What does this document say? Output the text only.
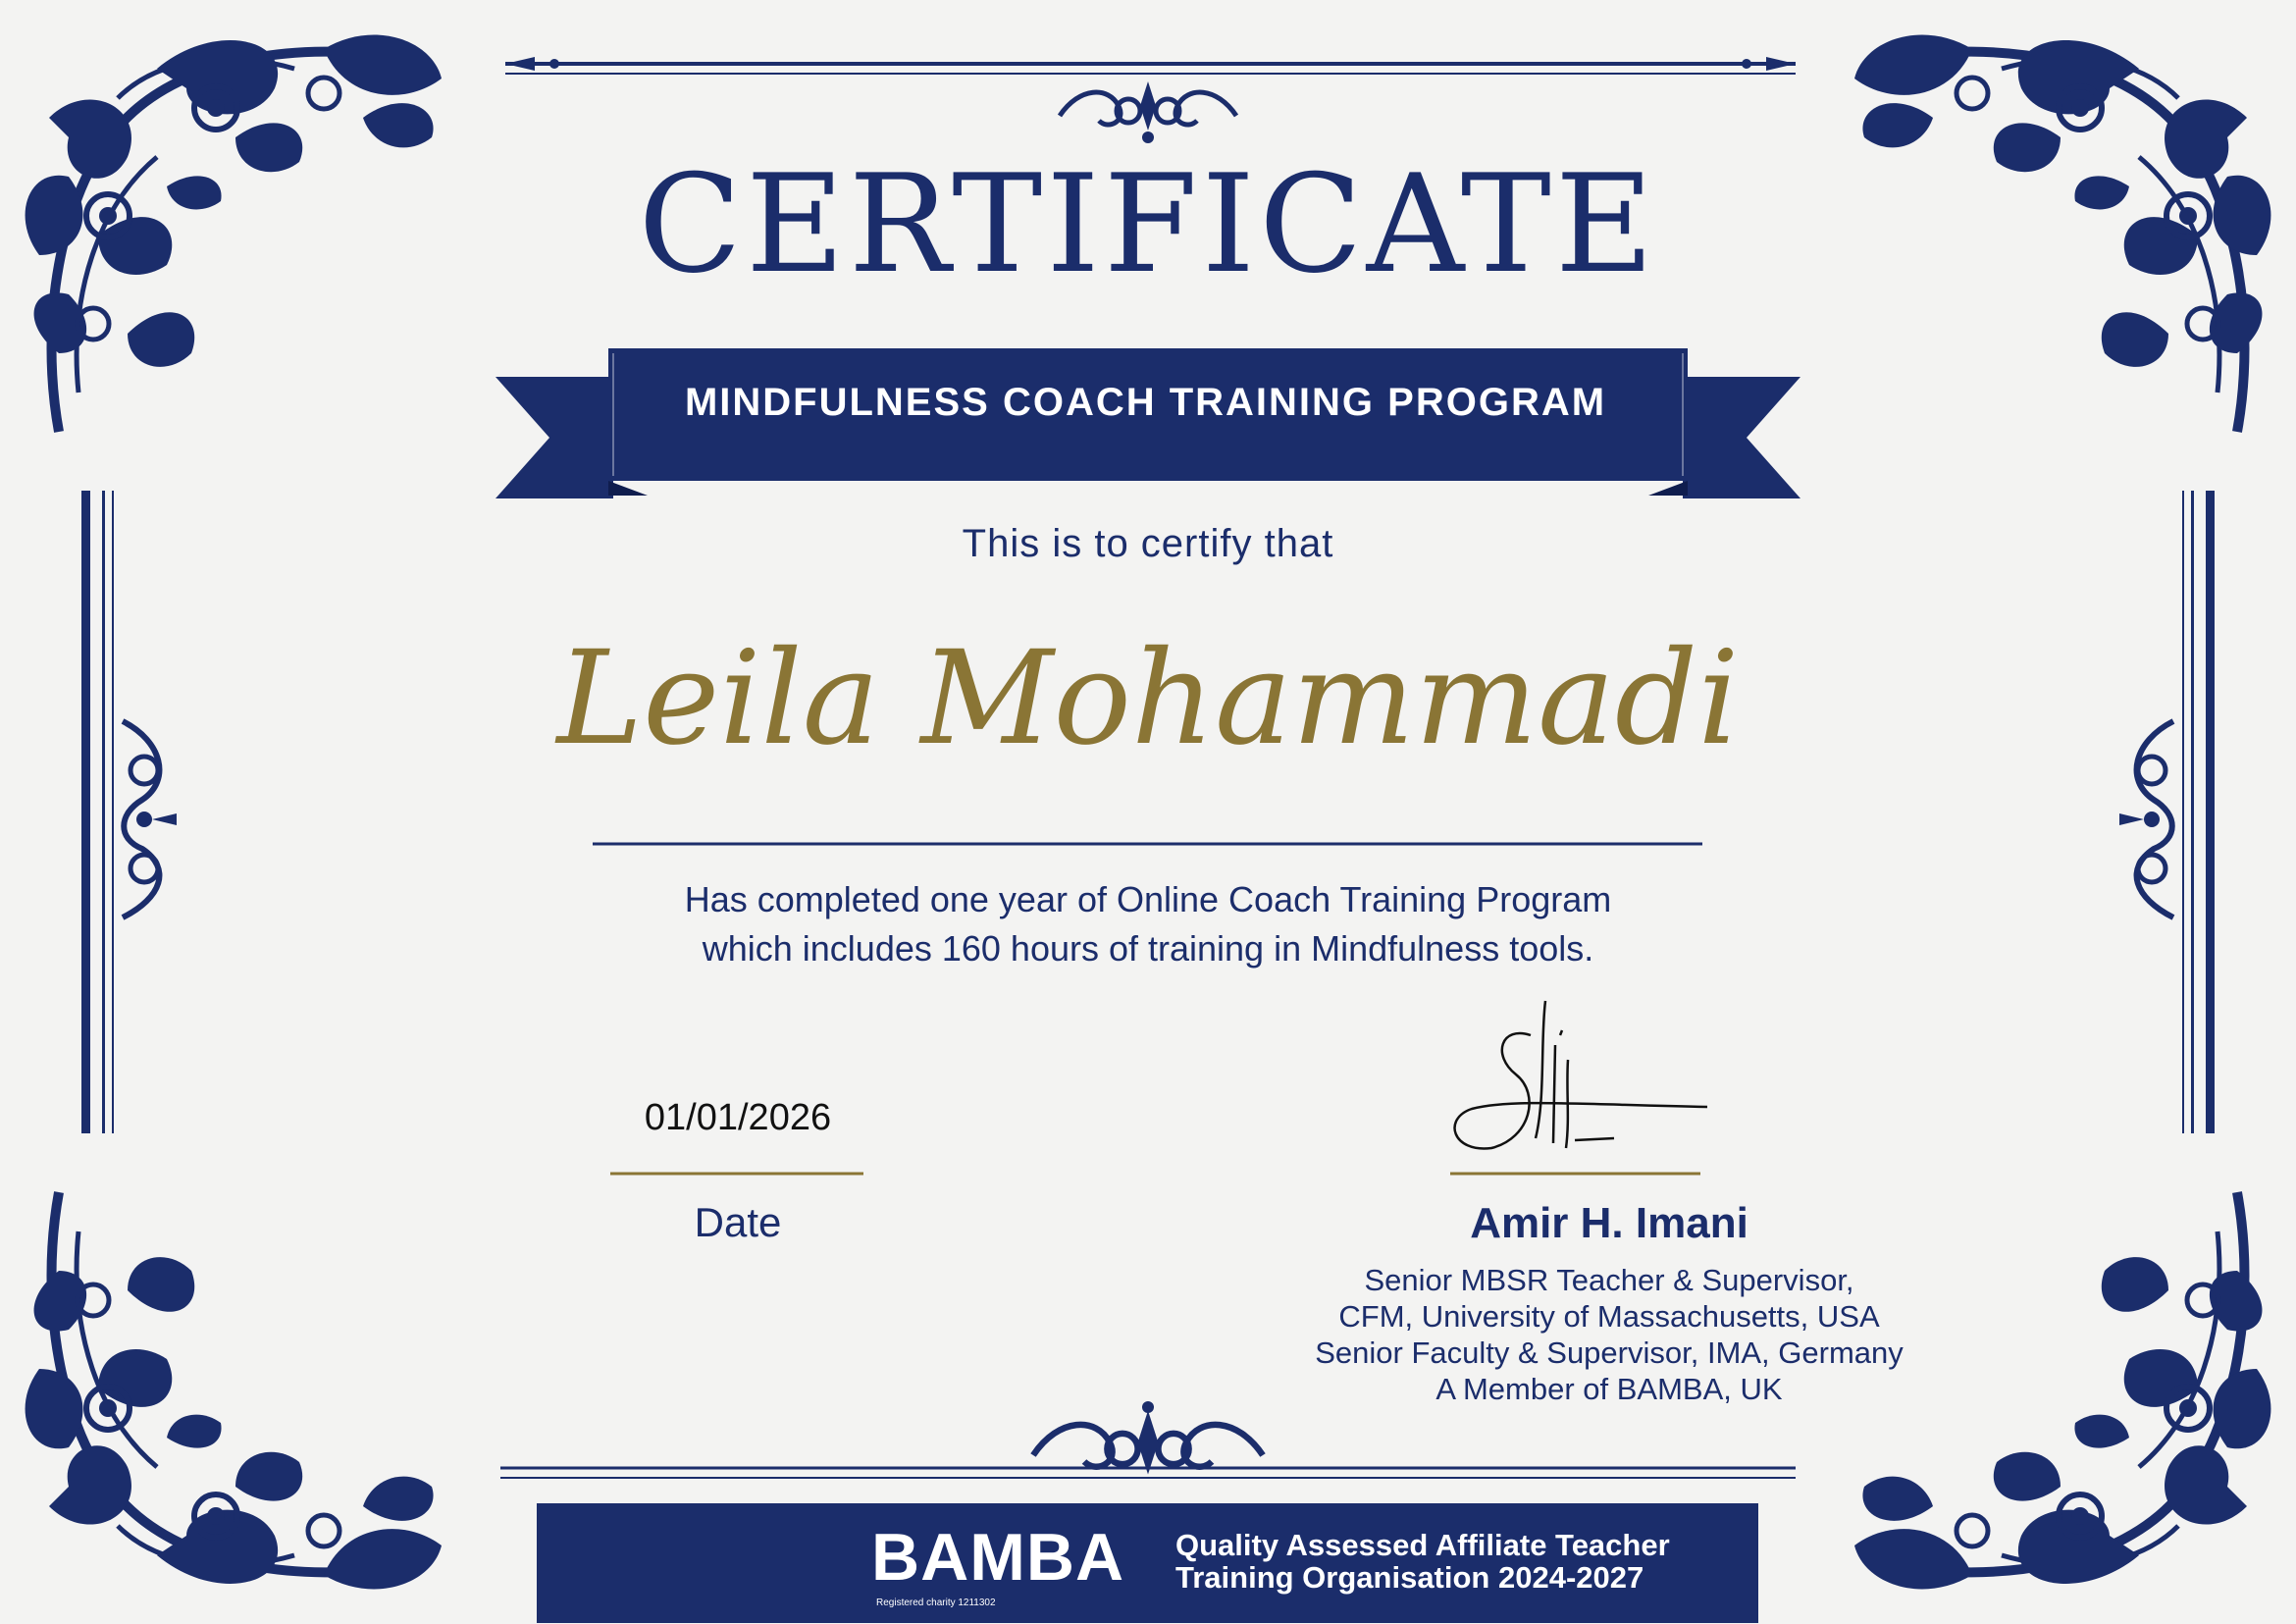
CERTIFICATE
MINDFULNESS COACH TRAINING PROGRAM
This is to certify that
Leila Mohammadi
Has completed one year of Online Coach Training Program
which includes 160 hours of training in Mindfulness tools.
01/01/2026
Date	Amir H. Imani
Senior MBSR Teacher & Supervisor,
CFM, University of Massachusetts, USA
Senior Faculty & Supervisor, IMA, Germany
A Member of BAMBA, UK
BAMBA Quality Assessed Affiliate Teacher
Training Organisation 2024-2027
Registered charity 1211302
